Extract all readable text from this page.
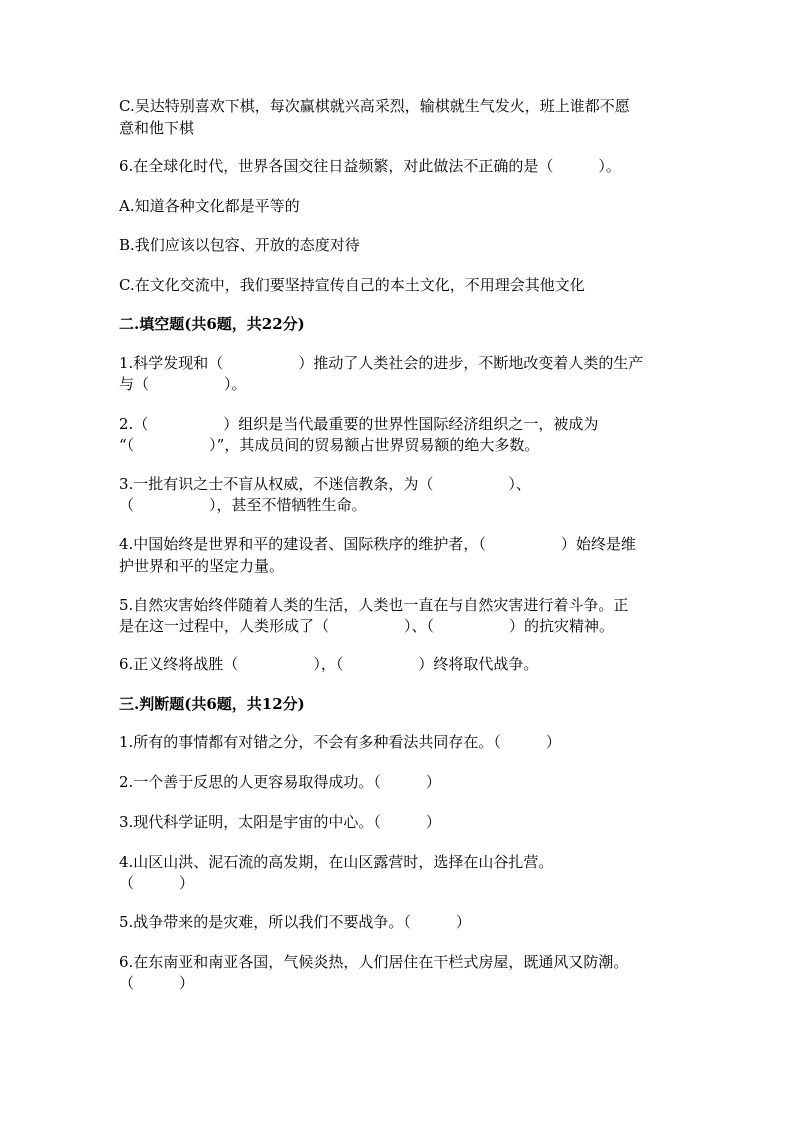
C.吴达特别喜欢下棋，每次赢棋就兴高采烈，输棋就生气发火，班上谁都不愿
意和他下棋
6.在全球化时代，世界各国交往日益频繁，对此做法不正确的是（　　　）。
A.知道各种文化都是平等的
B.我们应该以包容、开放的态度对待
C.在文化交流中，我们要坚持宣传自己的本土文化，不用理会其他文化
二.填空题(共6题，共22分)
1.科学发现和（　　　　　）推动了人类社会的进步，不断地改变着人类的生产
与（　　　　　）。
2.（　　　　　）组织是当代最重要的世界性国际经济组织之一，被成为
“（　　　　　）”，其成员间的贸易额占世界贸易额的绝大多数。
3.一批有识之士不盲从权威，不迷信教条，为（　　　　　）、
（　　　　　），甚至不惜牺牲生命。
4.中国始终是世界和平的建设者、国际秩序的维护者，（　　　　　）始终是维
护世界和平的坚定力量。
5.自然灾害始终伴随着人类的生活，人类也一直在与自然灾害进行着斗争。正
是在这一过程中，人类形成了（　　　　　）、（　　　　　）的抗灾精神。
6.正义终将战胜（　　　　　），（　　　　　）终将取代战争。
三.判断题(共6题，共12分)
1.所有的事情都有对错之分，不会有多种看法共同存在。（　　　）
2.一个善于反思的人更容易取得成功。（　　　）
3.现代科学证明，太阳是宇宙的中心。（　　　）
4.山区山洪、泥石流的高发期，在山区露营时，选择在山谷扎营。
（　　　）
5.战争带来的是灾难，所以我们不要战争。（　　　）
6.在东南亚和南亚各国，气候炎热，人们居住在干栏式房屋，既通风又防潮。
（　　　）
